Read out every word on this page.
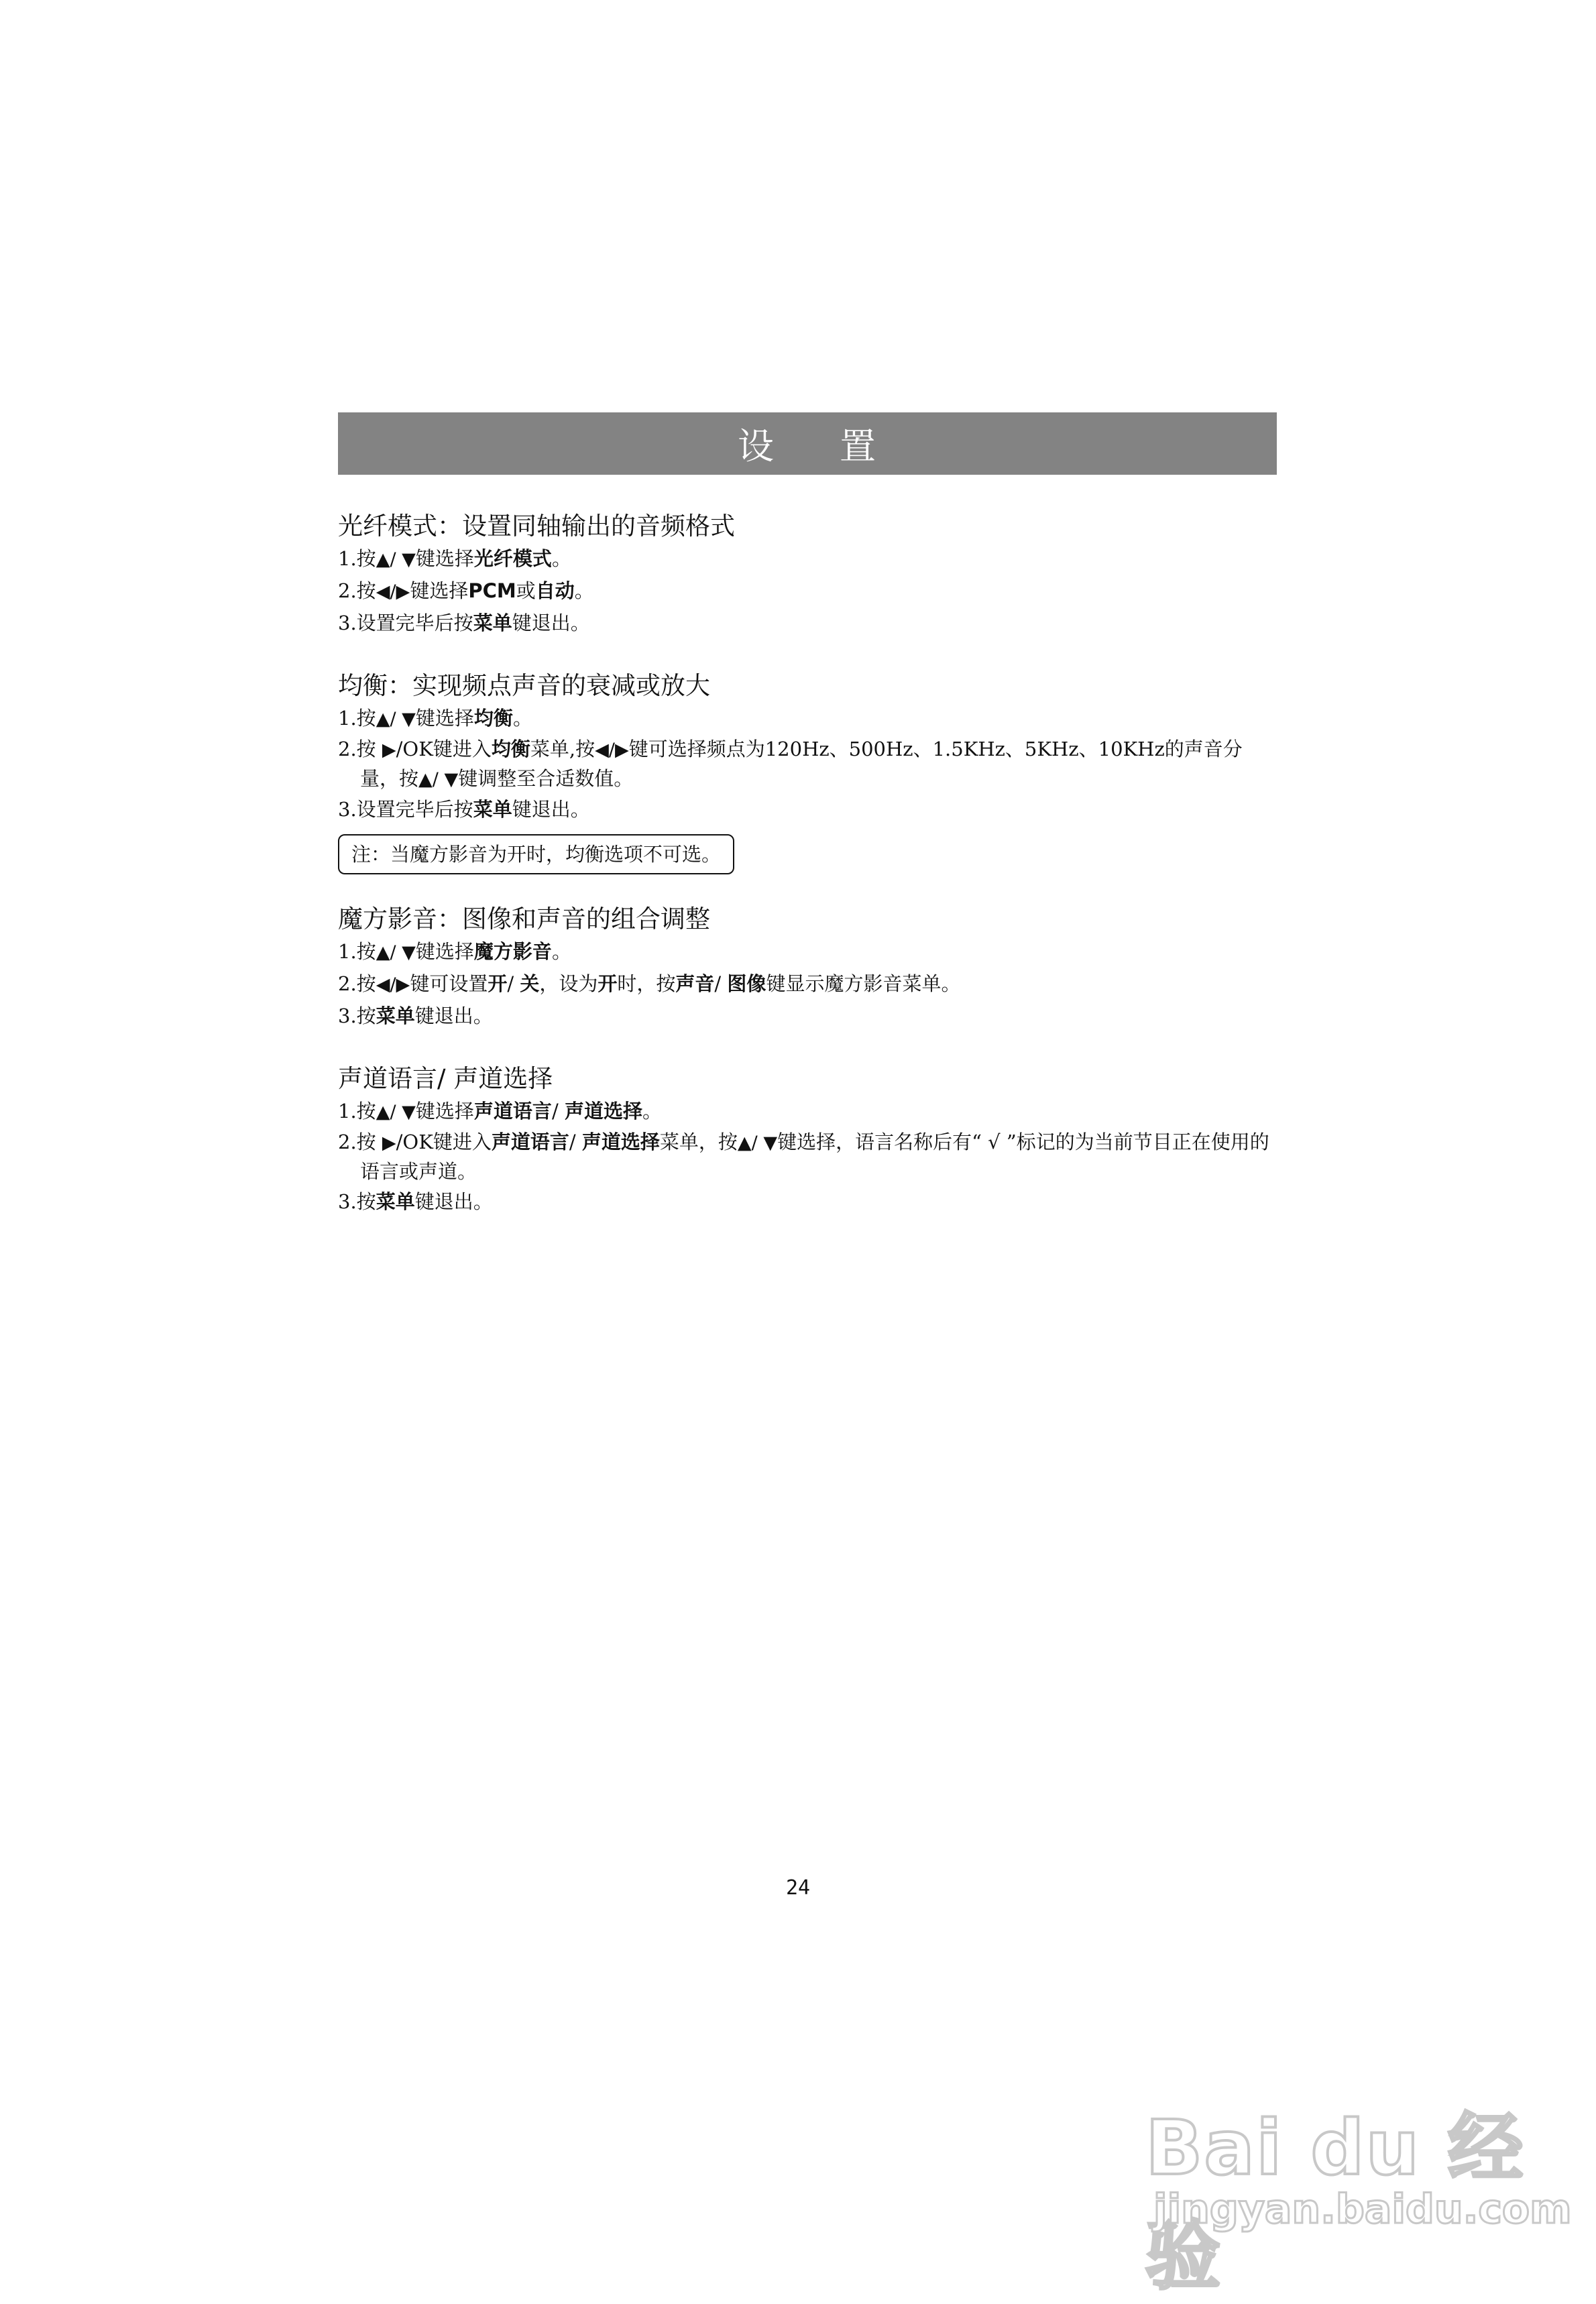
设 置
光纤模式：设置同轴输出的音频格式

1.按▲/ ▼键选择光纤模式。

2.按◀/▶键选择PCM或自动。

3.设置完毕后按菜单键退出。

均衡：实现频点声音的衰减或放大

1.按▲/ ▼键选择均衡。

2.按 ▶/OK键进入均衡菜单,按◀/▶键可选择频点为120Hz、500Hz、1.5KHz、5KHz、10KHz的声音分量，按▲/ ▼键调整至合适数值。

3.设置完毕后按菜单键退出。

注：当魔方影音为开时，均衡选项不可选。
魔方影音：图像和声音的组合调整

1.按▲/ ▼键选择魔方影音。

2.按◀/▶键可设置开/ 关，设为开时，按声音/ 图像键显示魔方影音菜单。

3.按菜单键退出。

声道语言/ 声道选择

1.按▲/ ▼键选择声道语言/ 声道选择。

2.按 ▶/OK键进入声道语言/ 声道选择菜单，按▲/ ▼键选择，语言名称后有“ √ ”标记的为当前节目正在使用的语言或声道。

3.按菜单键退出。

24
Bai du 经验
jingyan.baidu.com
